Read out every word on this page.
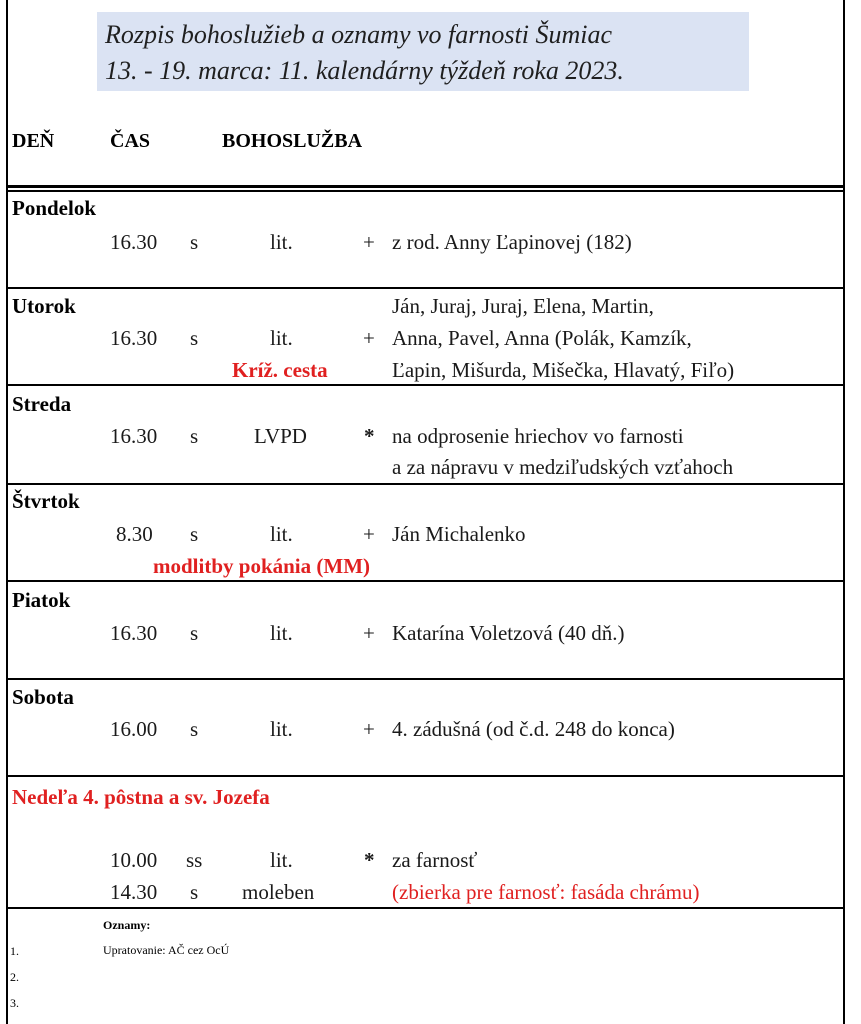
Rozpis bohoslužieb a oznamy vo farnosti Šumiac
13. - 19. marca: 11. kalendárny týždeň roka 2023.
DEŇ	ČAS	BOHOSLUŽBA
Pondelok
16.30 s	lit.	+ z rod. Anny Ľapinovej (182)
Utorok	Ján, Juraj, Juraj, Elena, Martin,
16.30 s	lit.	+ Anna, Pavel, Anna (Polák, Kamzík,
Kríž. cesta	Ľapin, Mišurda, Mišečka, Hlavatý, Fiľo)
Streda
16.30 s	LVPD	* na odprosenie hriechov vo farnosti
a za nápravu v medziľudských vzťahoch
Štvrtok
8.30 s	lit.	+ Ján Michalenko
modlitby pokánia (MM)
Piatok
16.30 s	lit.	+ Katarína Voletzová (40 dň.)
Sobota
16.00 s	lit.	+ 4. zádušná (od č.d. 248 do konca)
Nedeľa 4. pôstna a sv. Jozefa
10.00 ss	lit.	* za farnosť
14.30 s moleben	(zbierka pre farnosť: fasáda chrámu)
Oznamy:
1.	Upratovanie: AČ cez OcÚ
2.
3.
